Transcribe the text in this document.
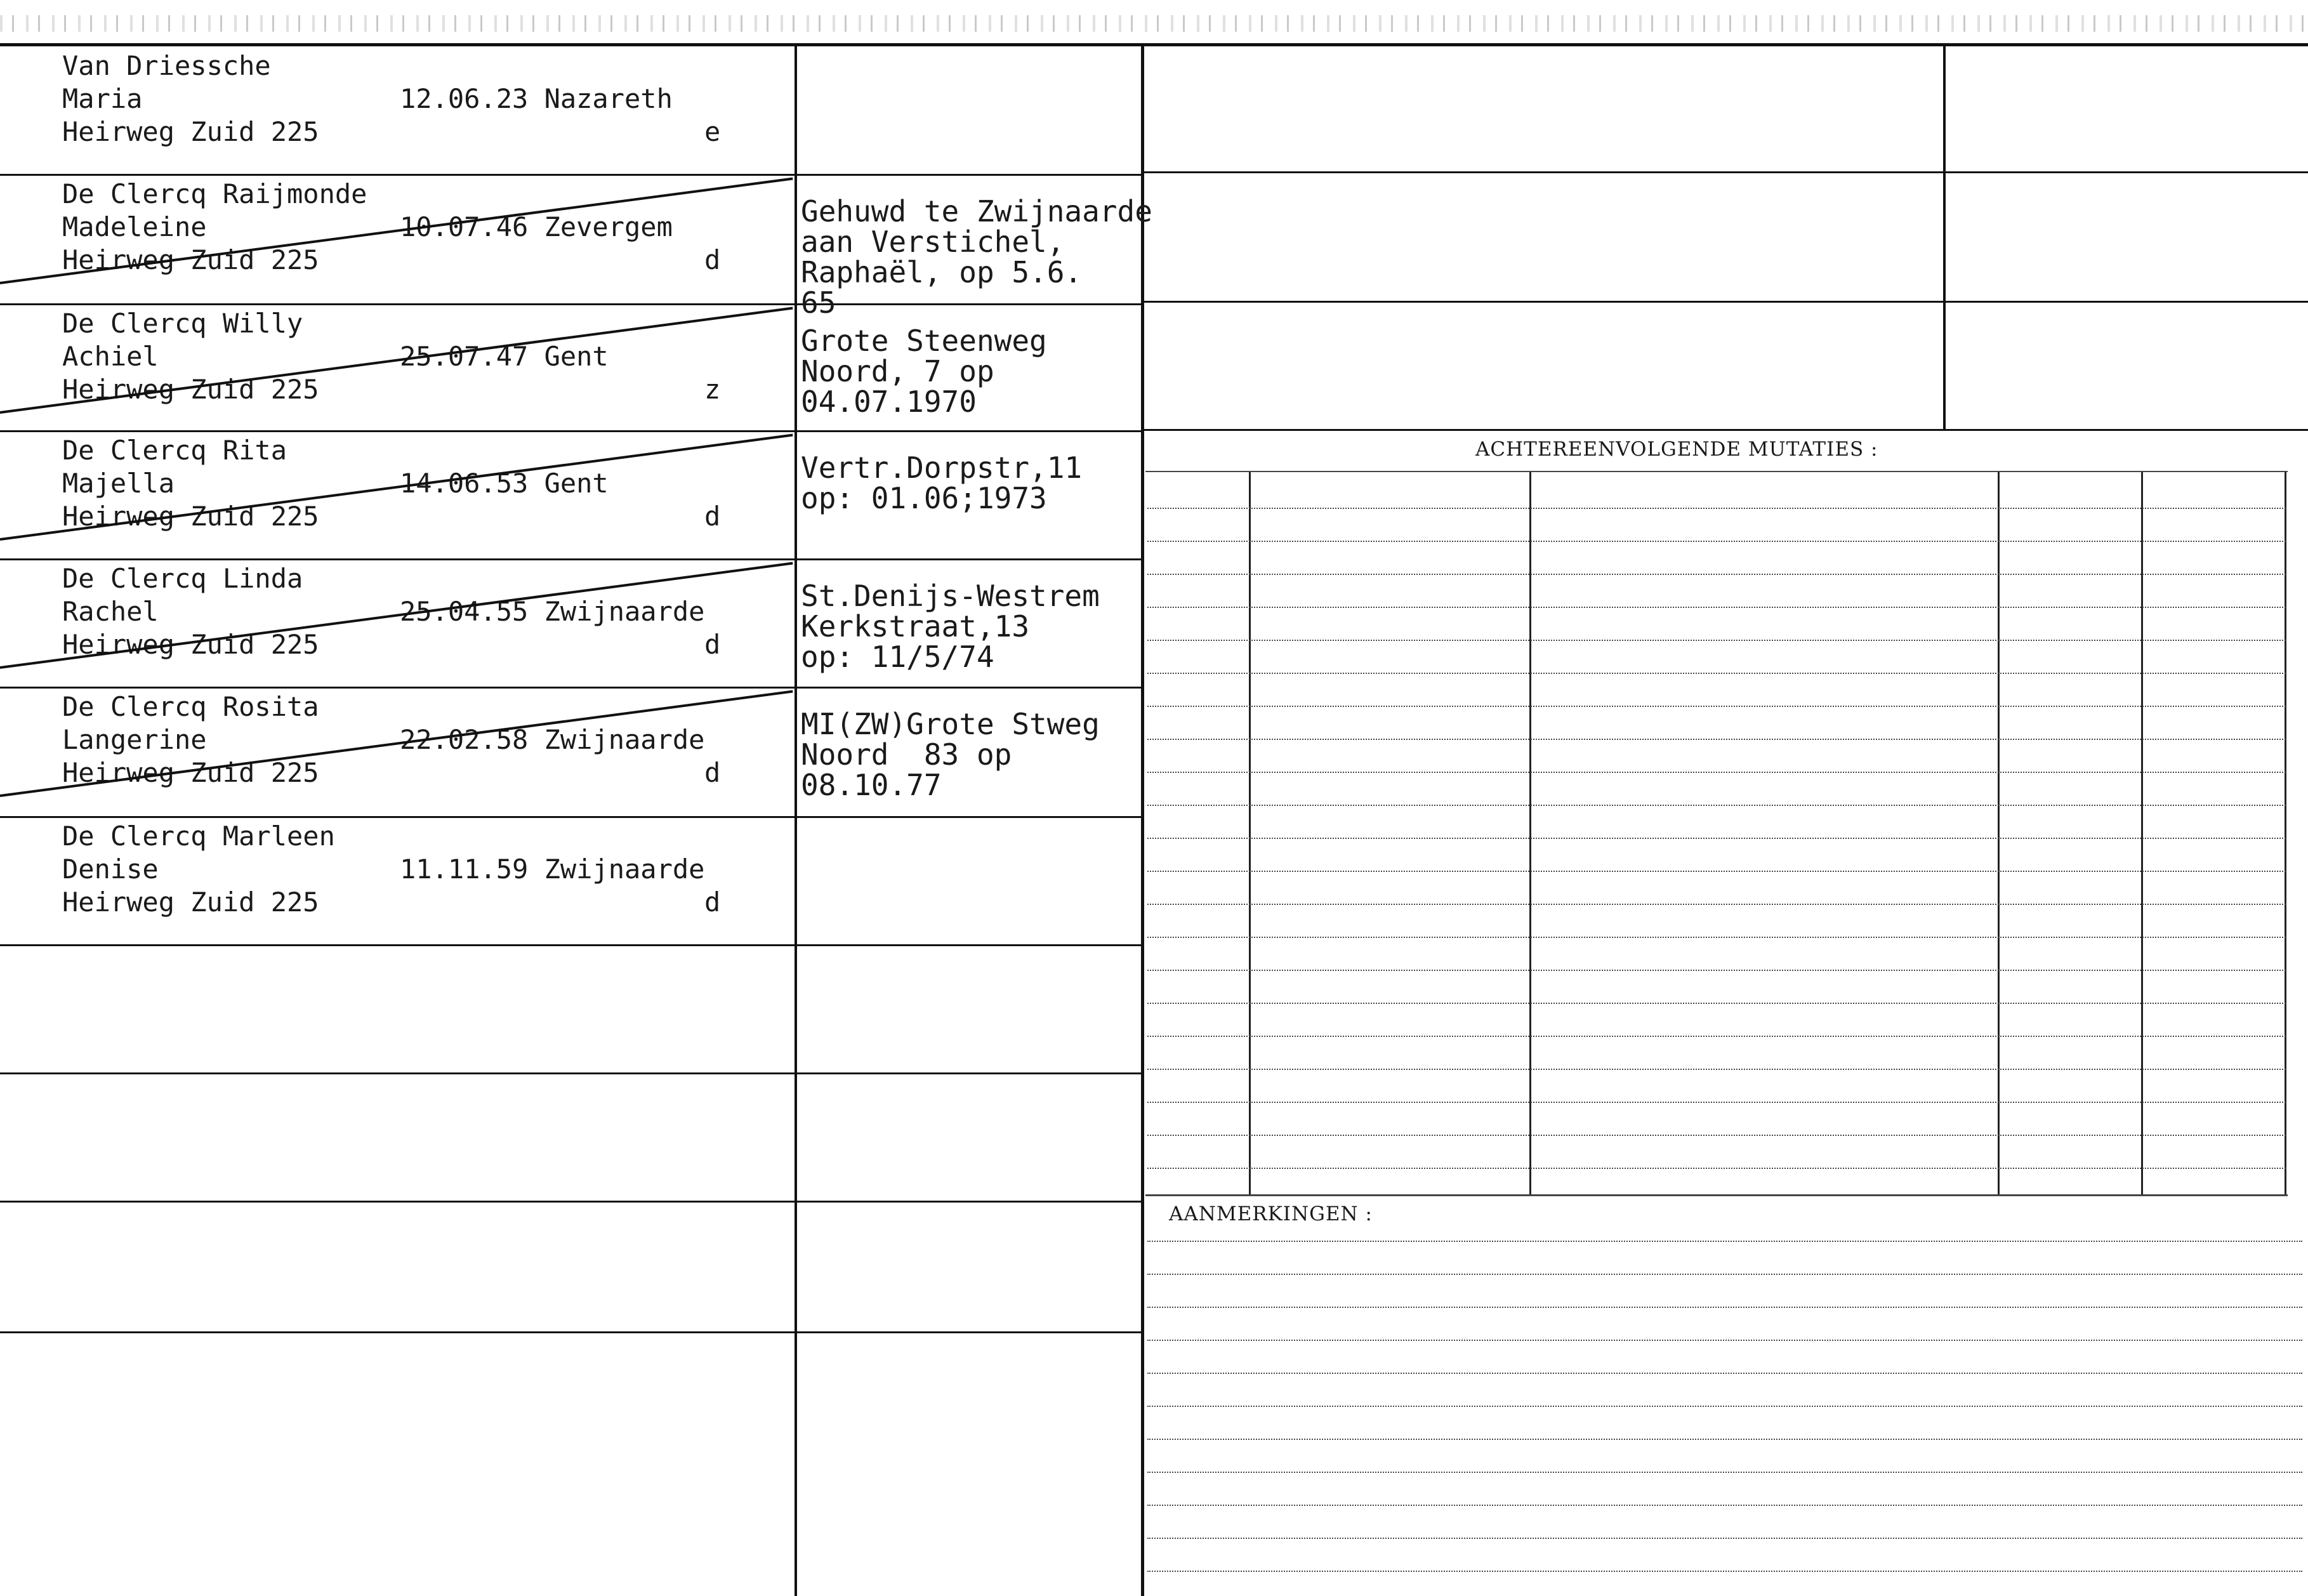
ACHTEREENVOLGENDE MUTATIES :
AANMERKINGEN :
Van Driessche
Maria
Heirweg Zuid 225
12.06.23 Nazareth
e
De Clercq Raijmonde
Madeleine
Heirweg Zuid 225
10.07.46 Zevergem
d
Gehuwd te Zwijnaarde
aan Verstichel,
Raphaël, op 5.6.
65
De Clercq Willy
Achiel
Heirweg Zuid 225
25.07.47 Gent
z
Grote Steenweg
Noord, 7 op
04.07.1970
De Clercq Rita
Majella
Heirweg Zuid 225
14.06.53 Gent
d
Vertr.Dorpstr,11
op: 01.06;1973
De Clercq Linda
Rachel
Heirweg Zuid 225
25.04.55 Zwijnaarde
d
St.Denijs-Westrem
Kerkstraat,13
op: 11/5/74
De Clercq Rosita
Langerine
Heirweg Zuid 225
22.02.58 Zwijnaarde
d
MI(ZW)Grote Stweg
Noord  83 op
08.10.77
De Clercq Marleen
Denise
Heirweg Zuid 225
11.11.59 Zwijnaarde
d
